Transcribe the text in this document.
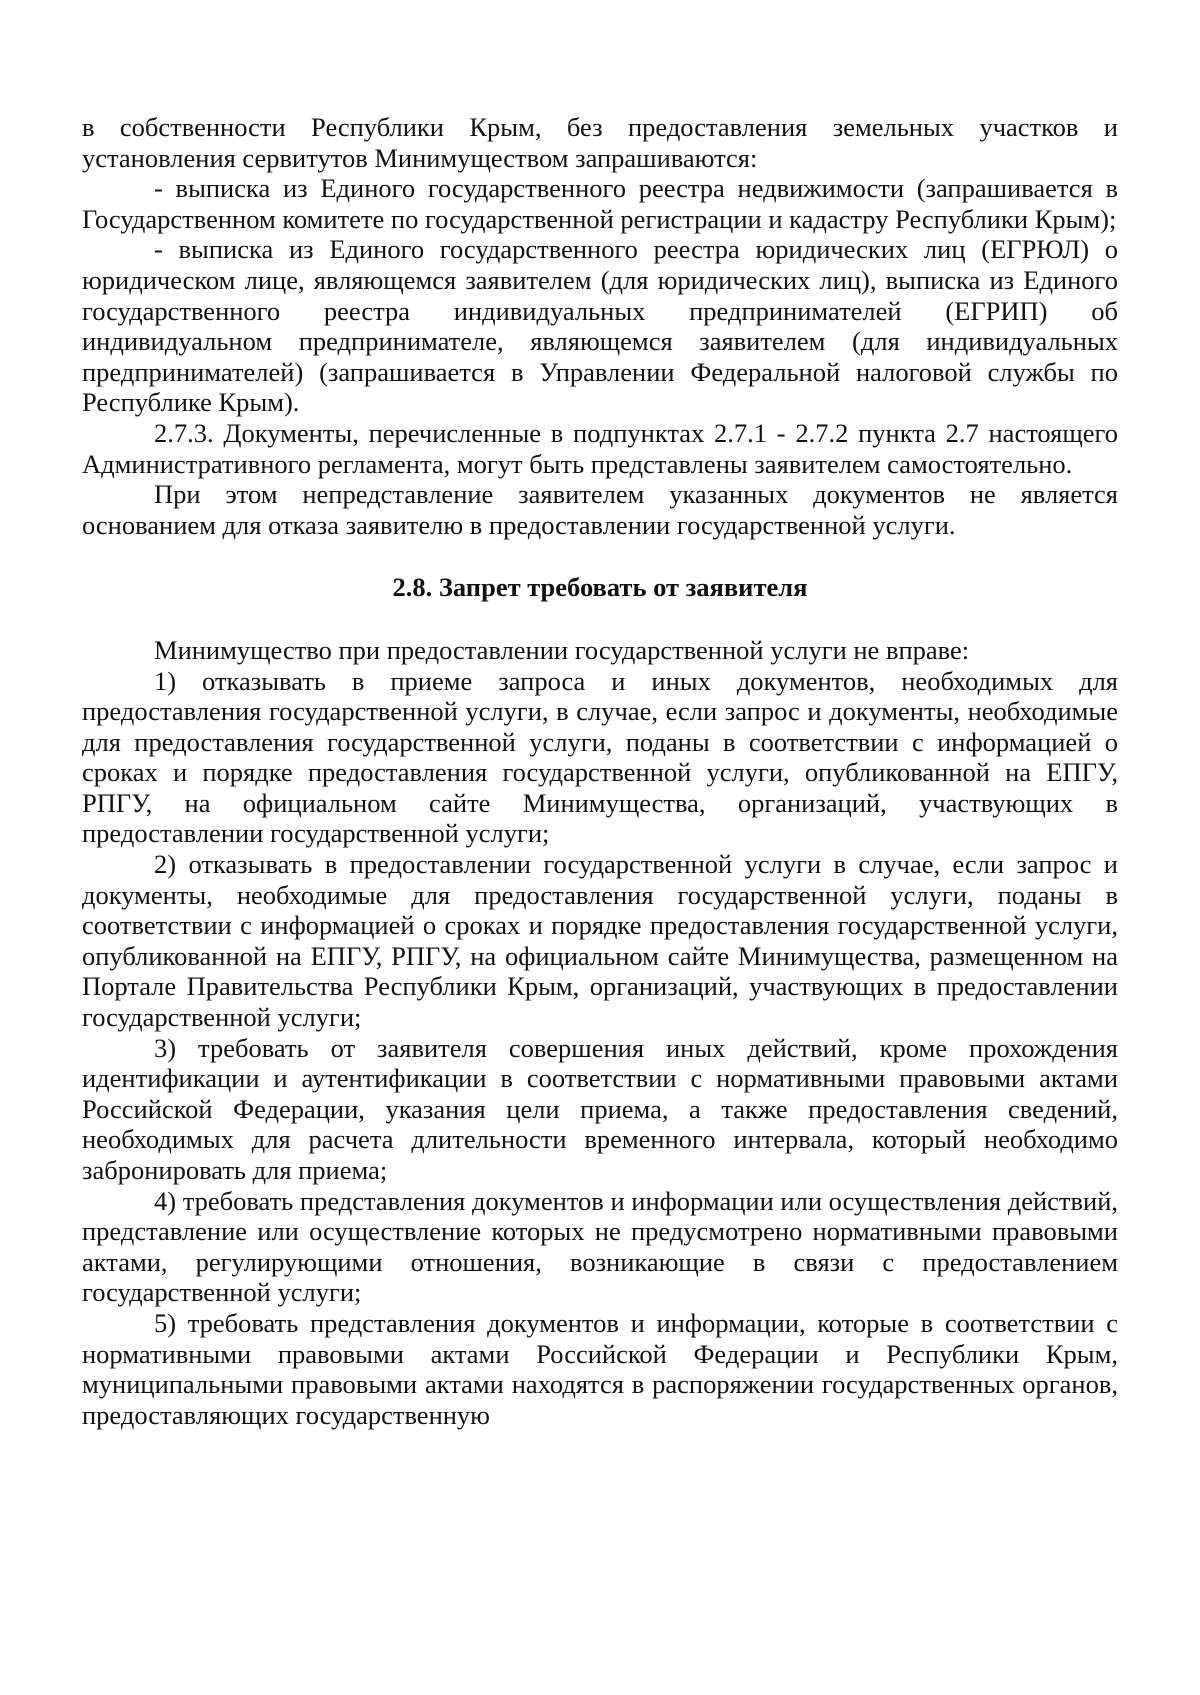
в собственности Республики Крым, без предоставления земельных участков и установления сервитутов Минимуществом запрашиваются:

- выписка из Единого государственного реестра недвижимости (запрашивается в Государственном комитете по государственной регистрации и кадастру Республики Крым);

- выписка из Единого государственного реестра юридических лиц (ЕГРЮЛ) о юридическом лице, являющемся заявителем (для юридических лиц), выписка из Единого государственного реестра индивидуальных предпринимателей (ЕГРИП) об индивидуальном предпринимателе, являющемся заявителем (для индивидуальных предпринимателей) (запрашивается в Управлении Федеральной налоговой службы по Республике Крым).

2.7.3. Документы, перечисленные в подпунктах 2.7.1 - 2.7.2 пункта 2.7 настоящего Административного регламента, могут быть представлены заявителем самостоятельно.

При этом непредставление заявителем указанных документов не является основанием для отказа заявителю в предоставлении государственной услуги.

2.8. Запрет требовать от заявителя

Минимущество при предоставлении государственной услуги не вправе:

1) отказывать в приеме запроса и иных документов, необходимых для предоставления государственной услуги, в случае, если запрос и документы, необходимые для предоставления государственной услуги, поданы в соответствии с информацией о сроках и порядке предоставления государственной услуги, опубликованной на ЕПГУ, РПГУ, на официальном сайте Минимущества, организаций, участвующих в предоставлении государственной услуги;

2) отказывать в предоставлении государственной услуги в случае, если запрос и документы, необходимые для предоставления государственной услуги, поданы в соответствии с информацией о сроках и порядке предоставления государственной услуги, опубликованной на ЕПГУ, РПГУ, на официальном сайте Минимущества, размещенном на Портале Правительства Республики Крым, организаций, участвующих в предоставлении государственной услуги;

3) требовать от заявителя совершения иных действий, кроме прохождения идентификации и аутентификации в соответствии с нормативными правовыми актами Российской Федерации, указания цели приема, а также предоставления сведений, необходимых для расчета длительности временного интервала, который необходимо забронировать для приема;

4) требовать представления документов и информации или осуществления действий, представление или осуществление которых не предусмотрено нормативными правовыми актами, регулирующими отношения, возникающие в связи с предоставлением государственной услуги;

5) требовать представления документов и информации, которые в соответствии с нормативными правовыми актами Российской Федерации и Республики Крым, муниципальными правовыми актами находятся в распоряжении государственных органов, предоставляющих государственную
